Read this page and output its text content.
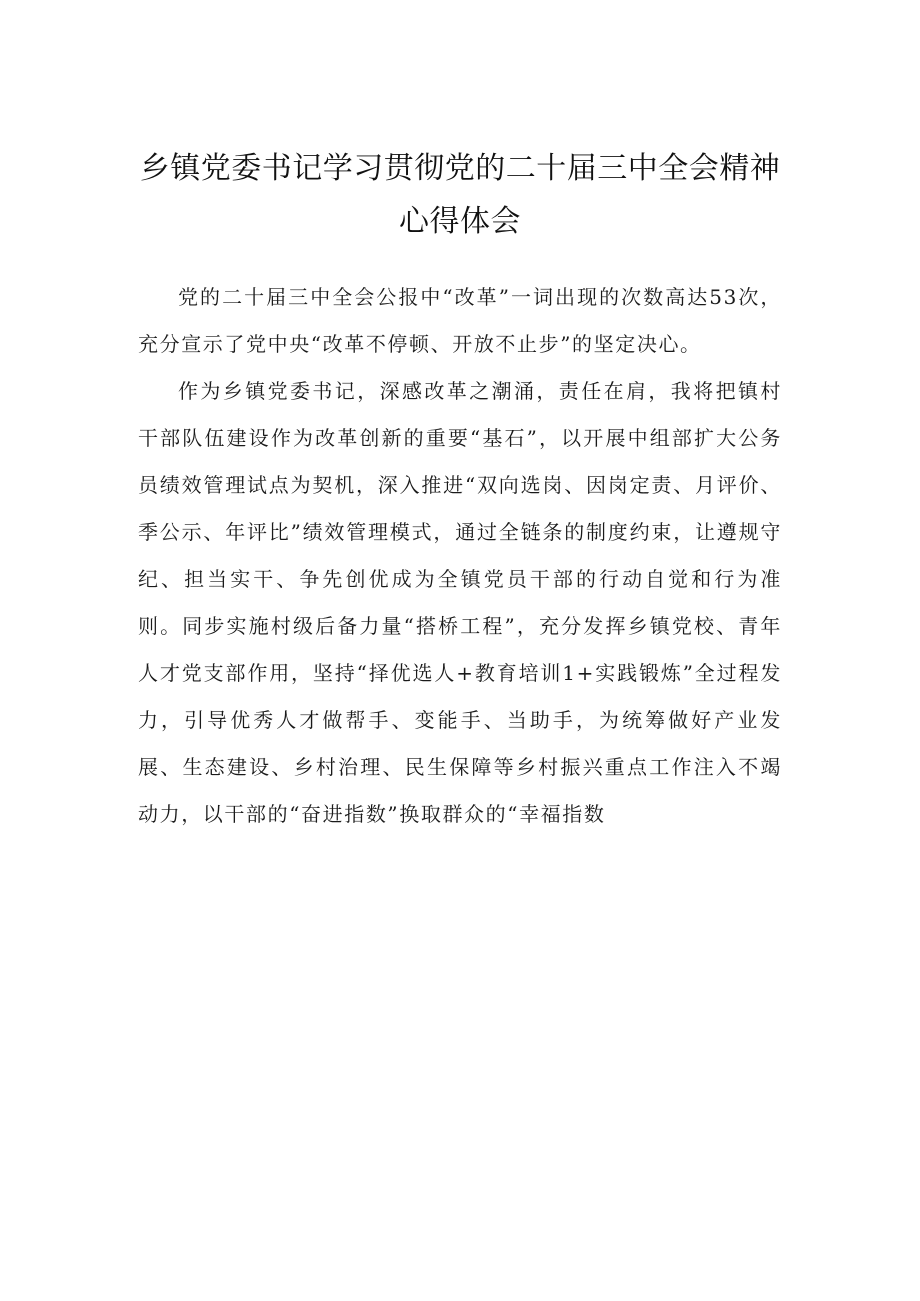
乡镇党委书记学习贯彻党的二十届三中全会精神心得体会

党的二十届三中全会公报中“改革”一词出现的次数高达53次，充分宣示了党中央“改革不停顿、开放不止步”的坚定决心。

作为乡镇党委书记，深感改革之潮涌，责任在肩，我将把镇村干部队伍建设作为改革创新的重要“基石”，以开展中组部扩大公务员绩效管理试点为契机，深入推进“双向选岗、因岗定责、月评价、季公示、年评比”绩效管理模式，通过全链条的制度约束，让遵规守纪、担当实干、争先创优成为全镇党员干部的行动自觉和行为准则。同步实施村级后备力量“搭桥工程”，充分发挥乡镇党校、青年人才党支部作用，坚持“择优选人+教育培训1+实践锻炼”全过程发力，引导优秀人才做帮手、变能手、当助手，为统筹做好产业发展、生态建设、乡村治理、民生保障等乡村振兴重点工作注入不竭动力，以干部的“奋进指数”换取群众的“幸福指数
